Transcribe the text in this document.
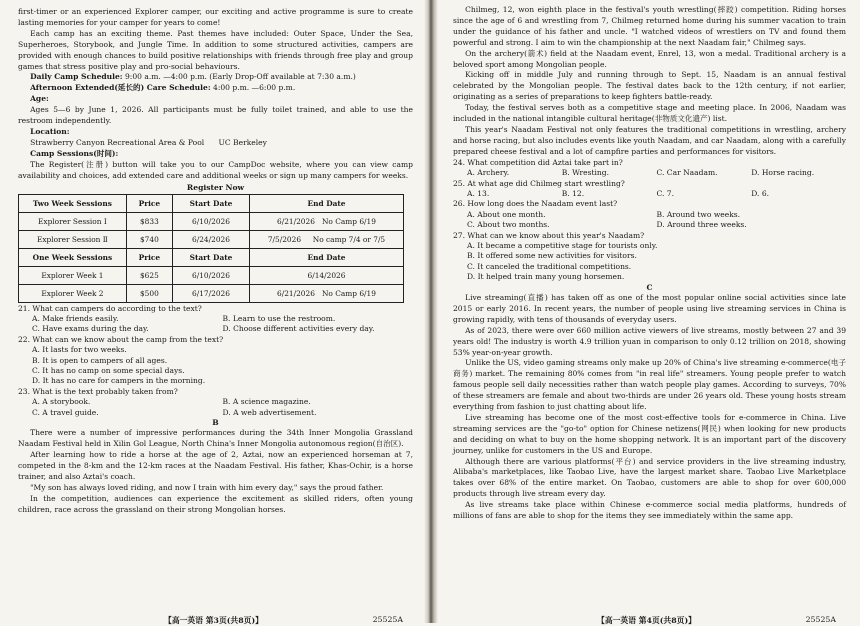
first-timer or an experienced Explorer camper, our exciting and active programme is sure to create lasting memories for your camper for years to come!

Each camp has an exciting theme. Past themes have included: Outer Space, Under the Sea, Superheroes, Storybook, and Jungle Time. In addition to some structured activities, campers are provided with enough chances to build positive relationships with friends through free play and group games that stress positive play and pro-social behaviours.

Daily Camp Schedule: 9:00 a.m. —4:00 p.m. (Early Drop-Off available at 7:30 a.m.)

Afternoon Extended(延长的) Care Schedule: 4:00 p.m. —6:00 p.m.

Age:

Ages 5—6 by June 1, 2026. All participants must be fully toilet trained, and able to use the restroom independently.

Location:

Strawberry Canyon Recreational Area & Pool      UC Berkeley

Camp Sessions(时间):

The Register(注册) button will take you to our CampDoc website, where you can view camp availability and choices, add extended care and additional weeks or sign up many campers for weeks.

Register Now
Two Week Sessions	Price	Start Date	End Date
Explorer Session Ⅰ	$833	6/10/2026	6/21/2026   No Camp 6/19
Explorer Session Ⅱ	$740	6/24/2026	7/5/2026     No camp 7/4 or 7/5
One Week Sessions	Price	Start Date	End Date
Explorer Week 1	$625	6/10/2026	6/14/2026
Explorer Week 2	$500	6/17/2026	6/21/2026   No Camp 6/19
21. What can campers do according to the text?
A. Make friends easily.	B. Learn to use the restroom.
C. Have exams during the day.	D. Choose different activities every day.
22. What can we know about the camp from the text?
A. It lasts for two weeks.
B. It is open to campers of all ages.
C. It has no camp on some special days.
D. It has no care for campers in the morning.
23. What is the text probably taken from?
A. A storybook.	B. A science magazine.
C. A travel guide.	D. A web advertisement.
B

There were a number of impressive performances during the 34th Inner Mongolia Grassland Naadam Festival held in Xilin Gol League, North China's Inner Mongolia autonomous region(自治区).

After learning how to ride a horse at the age of 2, Aztai, now an experienced horseman at 7, competed in the 8-km and the 12-km races at the Naadam Festival. His father, Khas-Ochir, is a horse trainer, and also Aztai's coach.

"My son has always loved riding, and now I train with him every day," says the proud father.

In the competition, audiences can experience the excitement as skilled riders, often young children, race across the grassland on their strong Mongolian horses.

【高一英语 第3页(共8页)】	25525A

Chilmeg, 12, won eighth place in the festival's youth wrestling(摔跤) competition. Riding horses since the age of 6 and wrestling from 7, Chilmeg returned home during his summer vacation to train under the guidance of his father and uncle. "I watched videos of wrestlers on TV and found them powerful and strong. I aim to win the championship at the next Naadam fair," Chilmeg says.

On the archery(箭术) field at the Naadam event, Enrel, 13, won a medal. Traditional archery is a beloved sport among Mongolian people.

Kicking off in middle July and running through to Sept. 15, Naadam is an annual festival celebrated by the Mongolian people. The festival dates back to the 12th century, if not earlier, originating as a series of preparations to keep fighters battle-ready.

Today, the festival serves both as a competitive stage and meeting place. In 2006, Naadam was included in the national intangible cultural heritage(非物质文化遗产) list.

This year's Naadam Festival not only features the traditional competitions in wrestling, archery and horse racing, but also includes events like youth Naadam, and car Naadam, along with a carefully prepared cheese festival and a lot of campfire parties and performances for visitors.

24. What competition did Aztai take part in?
A. Archery.	B. Wresting.	C. Car Naadam.	D. Horse racing.
25. At what age did Chilmeg start wrestling?
A. 13.	B. 12.	C. 7.	D. 6.
26. How long does the Naadam event last?
A. About one month.	B. Around two weeks.
C. About two months.	D. Around three weeks.
27. What can we know about this year's Naadam?
A. It became a competitive stage for tourists only.
B. It offered some new activities for visitors.
C. It canceled the traditional competitions.
D. It helped train many young horsemen.
C

Live streaming(直播) has taken off as one of the most popular online social activities since late 2015 or early 2016. In recent years, the number of people using live streaming services in China is growing rapidly, with tens of thousands of everyday users.

As of 2023, there were over 660 million active viewers of live streams, mostly between 27 and 39 years old! The industry is worth 4.9 trillion yuan in comparison to only 0.12 trillion on 2018, showing 53% year-on-year growth.

Unlike the US, video gaming streams only make up 20% of China's live streaming e-commerce(电子商务) market. The remaining 80% comes from "in real life" streamers. Young people prefer to watch famous people sell daily necessities rather than watch people play games. According to surveys, 70% of these streamers are female and about two-thirds are under 26 years old. These young hosts stream everything from fashion to just chatting about life.

Live streaming has become one of the most cost-effective tools for e-commerce in China. Live streaming services are the "go-to" option for Chinese netizens(网民) when looking for new products and deciding on what to buy on the home shopping network. It is an important part of the discovery journey, unlike for customers in the US and Europe.

Although there are various platforms(平台) and service providers in the live streaming industry, Alibaba's marketplaces, like Taobao Live, have the largest market share. Taobao Live Marketplace takes over 68% of the entire market. On Taobao, customers are able to shop for over 600,000 products through live stream every day.

As live streams take place within Chinese e-commerce social media platforms, hundreds of millions of fans are able to shop for the items they see immediately within the same app.

【高一英语 第4页(共8页)】	25525A
